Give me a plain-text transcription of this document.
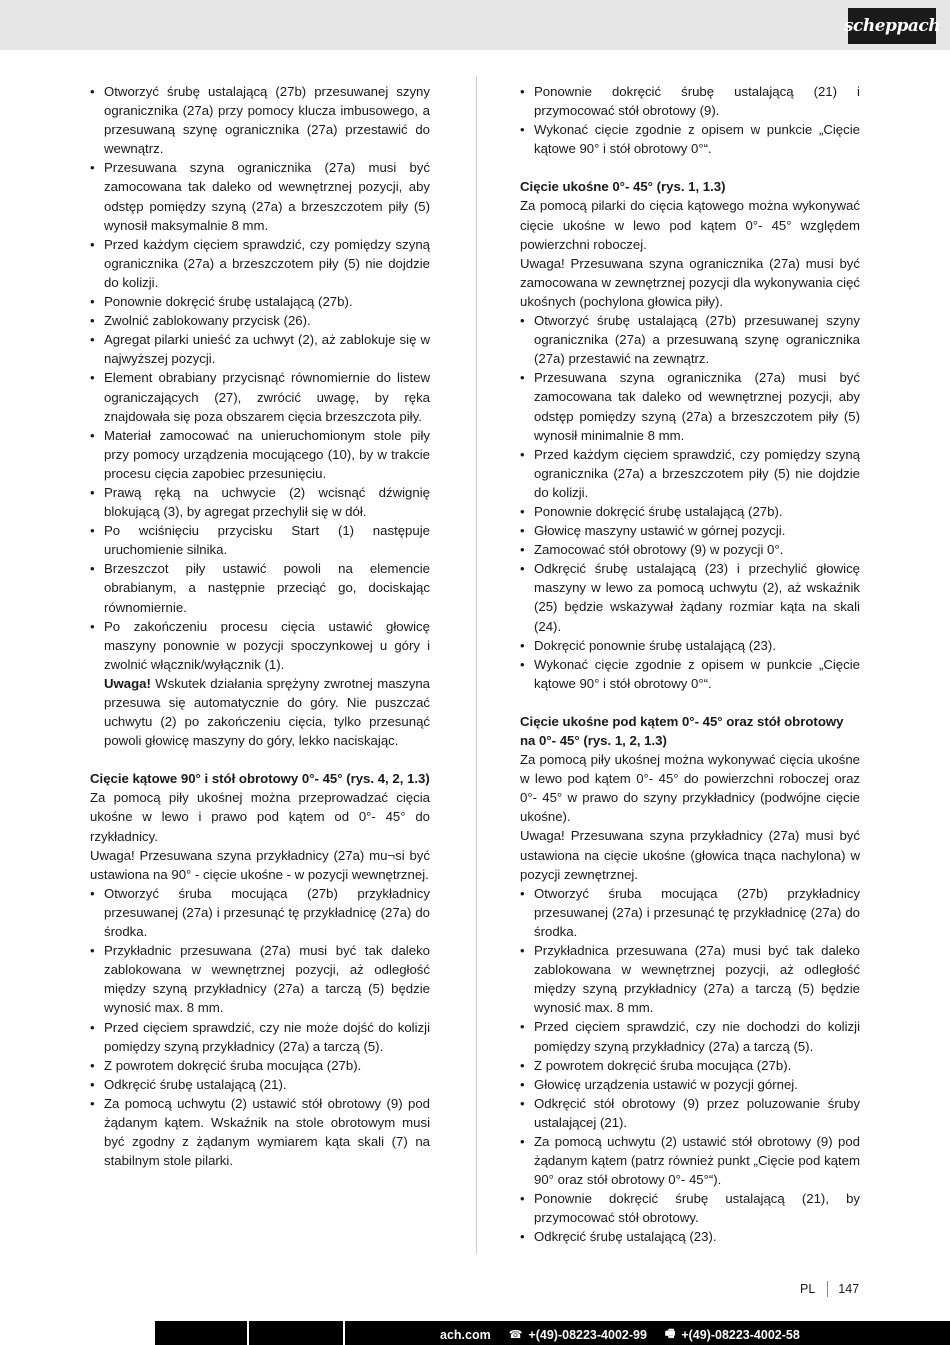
scheppach
• Otworzyć śrubę ustalającą (27b) przesuwanej szyny ogranicznika (27a) przy pomocy klucza imbusowego, a przesuwaną szynę ogranicznika (27a) przestawić do wewnątrz.
• Przesuwana szyna ogranicznika (27a) musi być zamocowana tak daleko od wewnętrznej pozycji, aby odstęp pomiędzy szyną (27a) a brzeszczotem piły (5) wynosił maksymalnie 8 mm.
• Przed każdym cięciem sprawdzić, czy pomiędzy szyną ogranicznika (27a) a brzeszczotem piły (5) nie dojdzie do kolizji.
• Ponownie dokręcić śrubę ustalającą (27b).
• Zwolnić zablokowany przycisk (26).
• Agregat pilarki unieść za uchwyt (2), aż zablokuje się w najwyższej pozycji.
• Element obrabiany przycisnąć równomiernie do listew ograniczających (27), zwrócić uwagę, by ręka znajdowała się poza obszarem cięcia brzeszczota piły.
• Materiał zamocować na unieruchomionym stole piły przy pomocy urządzenia mocującego (10), by w trakcie procesu cięcia zapobiec przesunięciu.
• Prawą ręką na uchwycie (2) wcisnąć dźwignię blokującą (3), by agregat przechylił się w dół.
• Po wciśnięciu przycisku Start (1) następuje uruchomienie silnika.
• Brzeszczot piły ustawić powoli na elemencie obrabianym, a następnie przeciąć go, dociskając równomiernie.
• Po zakończeniu procesu cięcia ustawić głowicę maszyny ponownie w pozycji spoczynkowej u góry i zwolnić włącznik/wyłącznik (1).
Uwaga! Wskutek działania sprężyny zwrotnej maszyna przesuwa się automatycznie do góry. Nie puszczać uchwytu (2) po zakończeniu cięcia, tylko przesunąć powoli głowicę maszyny do góry, lekko naciskając.
Cięcie kątowe 90° i stół obrotowy 0°- 45° (rys. 4, 2, 1.3)

Za pomocą piły ukośnej można przeprowadzać cięcia ukośne w lewo i prawo pod kątem od 0°- 45° do rzykładnicy.

Uwaga! Przesuwana szyna przykładnicy (27a) mu¬si być ustawiona na 90° - cięcie ukośne - w pozycji wewnętrznej.

• Otworzyć śruba mocująca (27b) przykładnicy przesuwanej (27a) i przesunąć tę przykładnicę (27a) do środka.
• Przykładnic przesuwana (27a) musi być tak daleko zablokowana w wewnętrznej pozycji, aż odległość między szyną przykładnicy (27a) a tarczą (5) będzie wynosić max. 8 mm.
• Przed cięciem sprawdzić, czy nie może dojść do kolizji pomiędzy szyną przykładnicy (27a) a tarczą (5).
• Z powrotem dokręcić śruba mocująca (27b).
• Odkręcić śrubę ustalającą (21).
• Za pomocą uchwytu (2) ustawić stół obrotowy (9) pod żądanym kątem. Wskaźnik na stole obrotowym musi być zgodny z żądanym wymiarem kąta skali (7) na stabilnym stole pilarki.
• Ponownie dokręcić śrubę ustalającą (21) i przymocować stół obrotowy (9).
• Wykonać cięcie zgodnie z opisem w punkcie „Cięcie kątowe 90° i stół obrotowy 0°“.
Cięcie ukośne 0°- 45° (rys. 1, 1.3)

Za pomocą pilarki do cięcia kątowego można wykonywać cięcie ukośne w lewo pod kątem 0°- 45° względem powierzchni roboczej.

Uwaga! Przesuwana szyna ogranicznika (27a) musi być zamocowana w zewnętrznej pozycji dla wykonywania cięć ukośnych (pochylona głowica piły).

• Otworzyć śrubę ustalającą (27b) przesuwanej szyny ogranicznika (27a) a przesuwaną szynę ogranicznika (27a) przestawić na zewnątrz.
• Przesuwana szyna ogranicznika (27a) musi być zamocowana tak daleko od wewnętrznej pozycji, aby odstęp pomiędzy szyną (27a) a brzeszczotem piły (5) wynosił minimalnie 8 mm.
• Przed każdym cięciem sprawdzić, czy pomiędzy szyną ogranicznika (27a) a brzeszczotem piły (5) nie dojdzie do kolizji.
• Ponownie dokręcić śrubę ustalającą (27b).
• Głowicę maszyny ustawić w górnej pozycji.
• Zamocować stół obrotowy (9) w pozycji 0°.
• Odkręcić śrubę ustalającą (23) i przechylić głowicę maszyny w lewo za pomocą uchwytu (2), aż wskaźnik (25) będzie wskazywał żądany rozmiar kąta na skali (24).
• Dokręcić ponownie śrubę ustalającą (23).
• Wykonać cięcie zgodnie z opisem w punkcie „Cięcie kątowe 90° i stół obrotowy 0°“.
Cięcie ukośne pod kątem 0°- 45° oraz stół obrotowy na 0°- 45° (rys. 1, 2, 1.3)

Za pomocą piły ukośnej można wykonywać cięcia ukośne w lewo pod kątem 0°- 45° do powierzchni roboczej oraz 0°- 45° w prawo do szyny przykładnicy (podwójne cięcie ukośne).

Uwaga! Przesuwana szyna przykładnicy (27a) musi być ustawiona na cięcie ukośne (głowica tnąca nachylona) w pozycji zewnętrznej.

• Otworzyć śruba mocująca (27b) przykładnicy przesuwanej (27a) i przesunąć tę przykładnicę (27a) do środka.
• Przykładnica przesuwana (27a) musi być tak daleko zablokowana w wewnętrznej pozycji, aż odległość między szyną przykładnicy (27a) a tarczą (5) będzie wynosić max. 8 mm.
• Przed cięciem sprawdzić, czy nie dochodzi do kolizji pomiędzy szyną przykładnicy (27a) a tarczą (5).
• Z powrotem dokręcić śruba mocująca (27b).
• Głowicę urządzenia ustawić w pozycji górnej.
• Odkręcić stół obrotowy (9) przez poluzowanie śruby ustalającej (21).
• Za pomocą uchwytu (2) ustawić stół obrotowy (9) pod żądanym kątem (patrz również punkt „Cięcie pod kątem 90° oraz stół obrotowy 0°- 45°“).
• Ponownie dokręcić śrubę ustalającą (21), by przymocować stół obrotowy.
• Odkręcić śrubę ustalającą (23).
PL 147
ach.com ☎ +(49)-08223-4002-99 🖷 +(49)-08223-4002-58
